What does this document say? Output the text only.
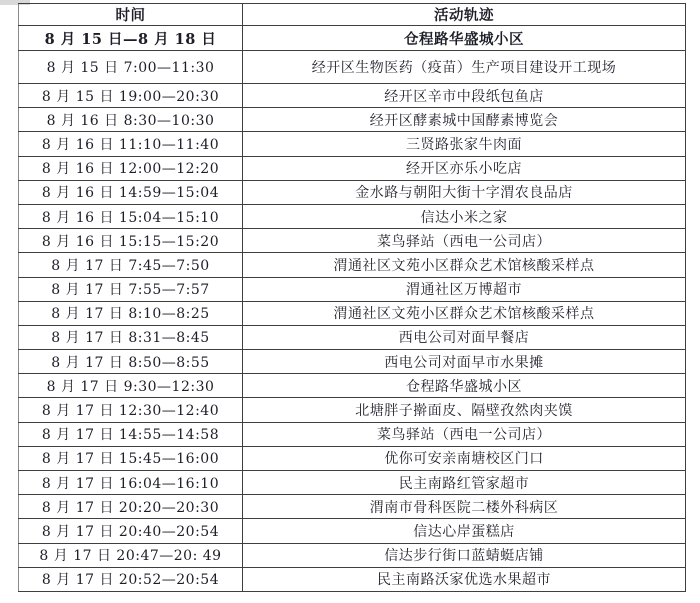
时间	活动轨迹
8 月 15 日—8 月 18 日	仓程路华盛城小区
8 月 15 日 7:00—11:30	经开区生物医药（疫苗）生产项目建设开工现场
8 月 15 日 19:00—20:30	经开区辛市中段纸包鱼店
8 月 16 日 8:30—10:30	经开区酵素城中国酵素博览会
8 月 16 日 11:10—11:40	三贤路张家牛肉面
8 月 16 日 12:00—12:20	经开区亦乐小吃店
8 月 16 日 14:59—15:04	金水路与朝阳大街十字渭农良品店
8 月 16 日 15:04—15:10	信达小米之家
8 月 16 日 15:15—15:20	菜鸟驿站（西电一公司店）
8 月 17 日 7:45—7:50	渭通社区文苑小区群众艺术馆核酸采样点
8 月 17 日 7:55—7:57	渭通社区万博超市
8 月 17 日 8:10—8:25	渭通社区文苑小区群众艺术馆核酸采样点
8 月 17 日 8:31—8:45	西电公司对面早餐店
8 月 17 日 8:50—8:55	西电公司对面早市水果摊
8 月 17 日 9:30—12:30	仓程路华盛城小区
8 月 17 日 12:30—12:40	北塘胖子擀面皮、隔壁孜然肉夹馍
8 月 17 日 14:55—14:58	菜鸟驿站（西电一公司店）
8 月 17 日 15:45—16:00	优你可安亲南塘校区门口
8 月 17 日 16:04—16:10	民主南路红管家超市
8 月 17 日 20:20—20:30	渭南市骨科医院二楼外科病区
8 月 17 日 20:40—20:54	信达心岸蛋糕店
8 月 17 日 20:47—20: 49	信达步行街口蓝蜻蜓店铺
8 月 17 日 20:52—20:54	民主南路沃家优选水果超市
